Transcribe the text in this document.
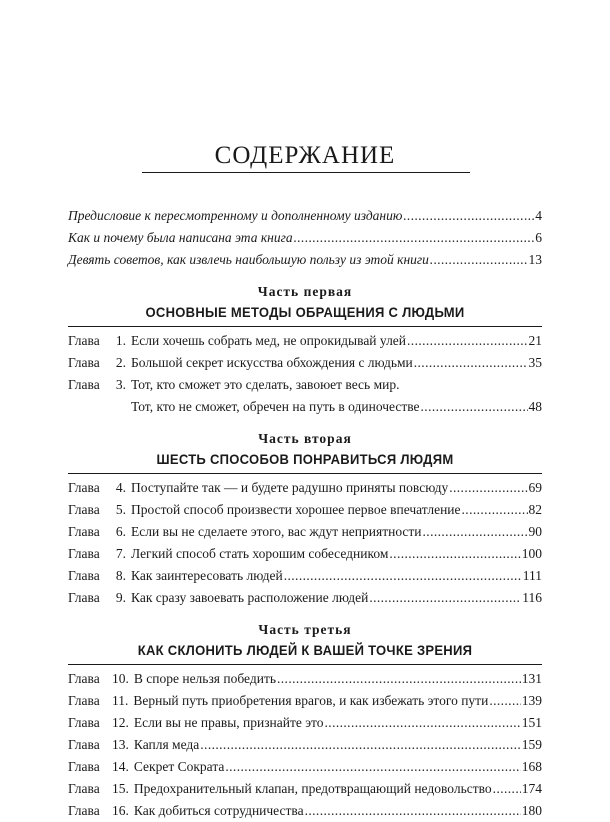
СОДЕРЖАНИЕ
Предисловие к пересмотренному и дополненному изданию .....	4
Как и почему была написана эта книга .....	6
Девять советов, как извлечь наибольшую пользу из этой книги .....	13
Часть первая
ОСНОВНЫЕ МЕТОДЫ ОБРАЩЕНИЯ С ЛЮДЬМИ
Глава	1. Если хочешь собрать мед, не опрокидывай улей .....	21
Глава	2. Большой секрет искусства обхождения с людьми .....	35
Глава	3. Тот, кто сможет это сделать, завоюет весь мир.
Тот, кто не сможет, обречен на путь в одиночестве .....	48
Часть вторая
ШЕСТЬ СПОСОБОВ ПОНРАВИТЬСЯ ЛЮДЯМ
Глава	4. Поступайте так — и будете радушно приняты повсюду .....	69
Глава	5. Простой способ произвести хорошее первое впечатление .....	82
Глава	6. Если вы не сделаете этого, вас ждут неприятности .....	90
Глава	7. Легкий способ стать хорошим собеседником .....	100
Глава	8. Как заинтересовать людей .....	111
Глава	9. Как сразу завоевать расположение людей .....	116
Часть третья
КАК СКЛОНИТЬ ЛЮДЕЙ К ВАШЕЙ ТОЧКЕ ЗРЕНИЯ
Глава 10. В споре нельзя победить .....	131
Глава 11. Верный путь приобретения врагов, и как избежать этого пути ..... 139
Глава 12. Если вы не правы, признайте это .....	151
Глава 13. Капля меда .....	159
Глава 14. Секрет Сократа .....	168
Глава 15. Предохранительный клапан, предотвращающий недовольство ..... 174
Глава 16. Как добиться сотрудничества .....	180
